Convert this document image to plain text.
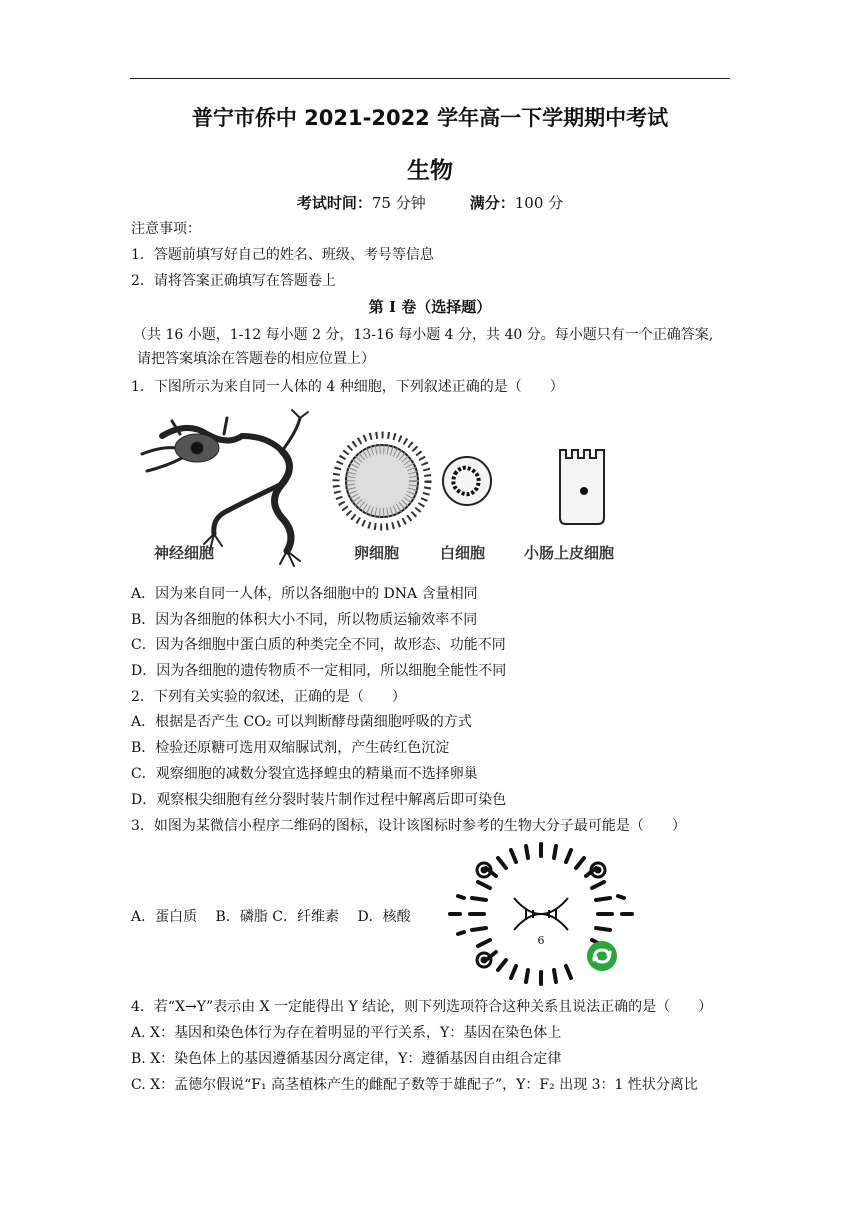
普宁市侨中 2021-2022 学年高一下学期期中考试
生物
考试时间：75 分钟	满分：100 分
注意事项：
1．答题前填写好自己的姓名、班级、考号等信息
2．请将答案正确填写在答题卷上
第 I 卷（选择题）
（共 16 小题，1-12 每小题 2 分，13-16 每小题 4 分，共 40 分。每小题只有一个正确答案,
请把答案填涂在答题卷的相应位置上）
1．下图所示为来自同一人体的 4 种细胞，下列叙述正确的是（　　）
神经细胞	卵细胞	白细胞	小肠上皮细胞
A．因为来自同一人体，所以各细胞中的 DNA 含量相同
B．因为各细胞的体积大小不同，所以物质运输效率不同
C．因为各细胞中蛋白质的种类完全不同，故形态、功能不同
D．因为各细胞的遗传物质不一定相同，所以细胞全能性不同
2．下列有关实验的叙述，正确的是（　　）
A．根据是否产生 CO₂ 可以判断酵母菌细胞呼吸的方式
B．检验还原糖可选用双缩脲试剂，产生砖红色沉淀
C．观察细胞的减数分裂宜选择蝗虫的精巢而不选择卵巢
D．观察根尖细胞有丝分裂时装片制作过程中解离后即可染色
3．如图为某微信小程序二维码的图标，设计该图标时参考的生物大分子最可能是（　　）
A．蛋白质　 B．磷脂 C．纤维素　 D．核酸
6
4．若“X→Y”表示由 X 一定能得出 Y 结论，则下列选项符合这种关系且说法正确的是（　　）
A. X：基因和染色体行为存在着明显的平行关系，Y：基因在染色体上
B. X：染色体上的基因遵循基因分离定律，Y：遵循基因自由组合定律
C. X：孟德尔假说“F₁ 高茎植株产生的雌配子数等于雄配子”，Y：F₂ 出现 3：1 性状分离比
